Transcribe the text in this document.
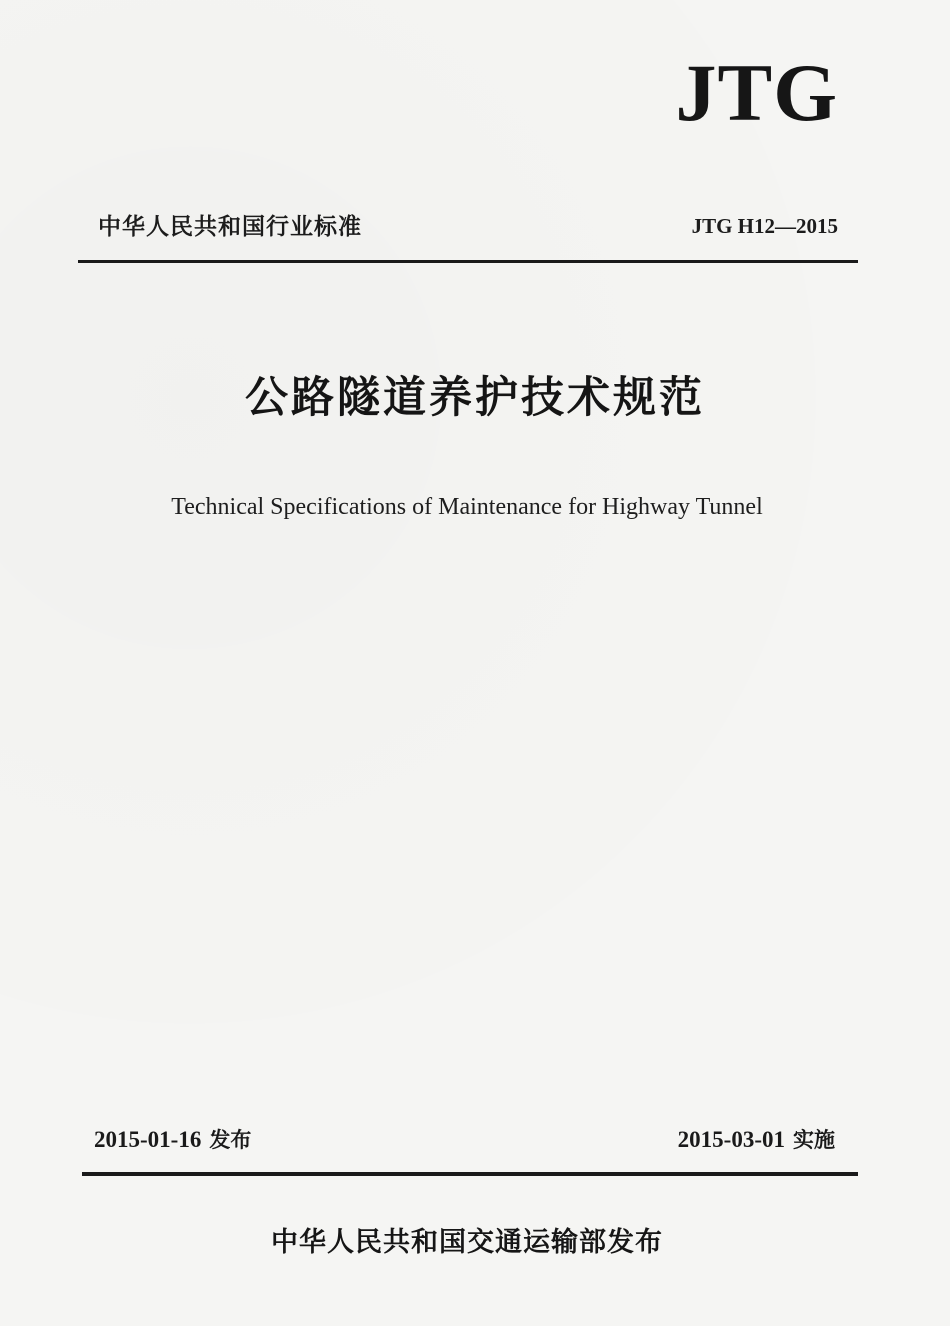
JTG
中华人民共和国行业标准	JTG H12—2015
公路隧道养护技术规范
Technical Specifications of Maintenance for Highway Tunnel
2015-01-16 发布	2015-03-01 实施
中华人民共和国交通运输部发布
